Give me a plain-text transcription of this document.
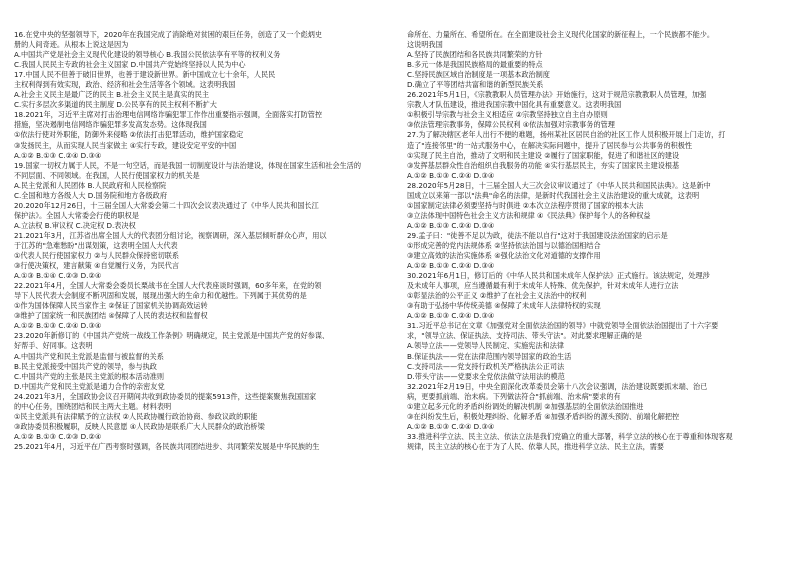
16.在党中央的坚强领导下，2020年在我国完成了消除绝对贫困的艰巨任务，创造了又一个彪炳史

册的人间奇迹。从根本上说这是因为

A.中国共产党是社会主义现代化建设的领导核心 B.我国公民依法享有平等的权利义务

C.我国人民民主专政的社会主义国家 D.中国共产党始终坚持以人民为中心

17.中国人民不但善于破旧世界，也善于建设新世界。新中国成立七十余年，人民民

主权利得到有效实现，政治、经济和社会生活等各个领域。这表明我国

A.社会主义民主是最广泛的民主 B.社会主义民主是真实的民主

C.实行多层次多渠道的民主制度 D.公民享有的民主权利不断扩大

18.2021年，习近平主席对打击治理电信网络诈骗犯罪工作作出重要指示强调，全面落实打防管控

措施，坚决遏制电信网络诈骗犯罪多发高发态势。这体现我国

①依法行使对外职能，防御外来侵略 ②依法打击犯罪活动，维护国家稳定

③发扬民主，从而实现人民当家做主 ④实行专政，建设安定平安的中国

A.①② B.①③ C.②④ D.③④

19.国家一切权力属于人民，不是一句空话，而是我国一切制度设计与法治建设，体现在国家生活和社会生活的

不同层面、不同领域。在我国，人民行使国家权力的机关是

A.民主党派和人民团体 B.人民政府和人民检察院

C.全国和地方各级人大 D.国务院和地方各级政府

20.2020年12月26日，十三届全国人大常委会第二十四次会议表决通过了《中华人民共和国长江

保护法》。全国人大常委会行使的职权是

A.立法权 B.审议权 C.决定权 D.表决权

21.2021年3月，江苏省出席全国人大的代表团分组讨论，视察调研，深入基层倾听群众心声，用以

于江苏的"急难愁盼"出谋划策，这表明全国人大代表

①代表人民行使国家权力 ②与人民群众保持密切联系

③行使决策权，建言献策 ④自觉履行义务，为民代言

A.①③ B.①④ C.②③ D.②④

22.2021年4月，全国人大常委会委员长栗战书在全国人大代表座谈时强调，60多年来，在党的领

导下人民代表大会制度不断巩固和发展，展现出强大的生命力和优越性。下列属于其优势的是

①作为国体保障人民当家作主 ②保证了国家机关协调高效运转

③维护了国家统一和民族团结 ④保障了人民的表达权和监督权

A.①② B.①③ C.②④ D.③④

23.2020年新修订的《中国共产党统一战线工作条例》明确规定，民主党派是中国共产党的好参谋、

好帮手、好同事。这表明

A.中国共产党和民主党派是监督与被监督的关系

B.民主党派接受中国共产党的领导，参与执政

C.中国共产党的主张是民主党派的根本活动准则

D.中国共产党和民主党派是通力合作的亲密友党

24.2021年3月，全国政协会议召开期间共收到政协委员的提案5913件，这些提案聚焦我国国家

的中心任务，围绕团结和民主两大主题。材料表明

①民主党派具有法律赋予的立法权 ②人民政协履行政治协商、参政议政的职能

③政协委员积极履职，反映人民意愿 ④人民政协是联系广大人民群众的政治桥梁

A.①② B.①③ C.②③ D.②④

25.2021年4月，习近平在广西考察时强调，各民族共同团结进步、共同繁荣发展是中华民族的生

命所在、力量所在、希望所在。在全面建设社会主义现代化国家的新征程上，一个民族都不能少。

这说明我国

A.坚持了民族团结和各民族共同繁荣的方针

B.多元一体是我国民族格局的最重要的特点

C.坚持民族区域自治制度是一项基本政治制度

D.确立了平等团结共富和谐的新型民族关系

26.2021年5月1日，《宗教教职人员管理办法》开始施行，这对于规范宗教教职人员管理，加强

宗教人才队伍建设，推进我国宗教中国化具有重要意义。这表明我国

①积极引导宗教与社会主义相适应 ②宗教坚持独立自主自办原则

③依法管理宗教事务，保障公民权利 ④依法加强对宗教事务的管理

27.为了解决辖区老年人出行不便的难题，扬州某社区居民自治的社区工作人员积极开展上门走访，打

造了"连接邻里"的一站式服务中心，在解决实际问题中，提升了居民参与公共事务的积极性

①实现了民主自治，推动了文明和民主建设 ②履行了国家职能，促进了和谐社区的建设

③发挥基层群众性自治组织自我服务的功能 ④实行基层民主，夯实了国家民主建设根基

A.①② B.①③ C.②④ D.③④

28.2020年5月28日，十三届全国人大三次会议审议通过了《中华人民共和国民法典》。这是新中

国成立以来第一部以"法典"命名的法律，是新时代我国社会主义法治建设的重大成就，这表明

①国家制定法律必须要坚持与时俱进 ②本次立法程序贯彻了国家的根本大法

③立法体现中国特色社会主义方法和规律 ④《民法典》保护每个人的各种权益

A.①② B.①③ C.②④ D.③④

29.孟子曰："徒善不足以为政，徒法不能以自行"这对于我国建设法治国家的启示是

①形成完善的党内法规体系 ②坚持依法治国与以德治国相结合

③建立高效的法治实施体系 ④强化法治文化对道德的支撑作用

A.①② B.①③ C.②④ D.③④

30.2021年6月1日，修订后的《中华人民共和国未成年人保护法》正式施行。该法规定，处理涉

及未成年人事项，应当遵循最有利于未成年人特殊、优先保护，针对未成年人进行立法

①彰显法治的公平正义 ②维护了在社会主义法治中的权利

③有助于弘扬中华传统美德 ④保障了未成年人法律特权的实现

A.①② B.①③ C.②④ D.③④

31.习近平总书记在文章《加强党对全面依法治国的领导》中就党领导全面依法治国提出了十六字要

求，"领导立法、保证执法、支持司法、带头守法"。对此要求理解正确的是

A.领导立法——党领导人民制定、实施宪法和法律

B.保证执法——党在法律范围内领导国家的政治生活

C.支持司法——党支持行政机关严格执法公正司法

D.带头守法——党要求全党依法做守法用法的模范

32.2021年2月19日，中央全面深化改革委员会第十八次会议强调，法治建设既要抓末端、治已

病，更要抓前端、治未病。下列做法符合"抓前端、治未病"要求的有

①建立起多元化的矛盾纠纷调处的解决机制 ②加强基层的全面依法治国推进

③在纠纷发生后，积极处理纠纷、化解矛盾 ④加强矛盾纠纷的源头预防、前端化解把控

A.①② B.①③ C.②④ D.③④

33.推进科学立法、民主立法、依法立法是我们党确立的重大部署，科学立法的核心在于尊重和体现客观

规律，民主立法的核心在于为了人民、依靠人民，推进科学立法、民主立法，需要
